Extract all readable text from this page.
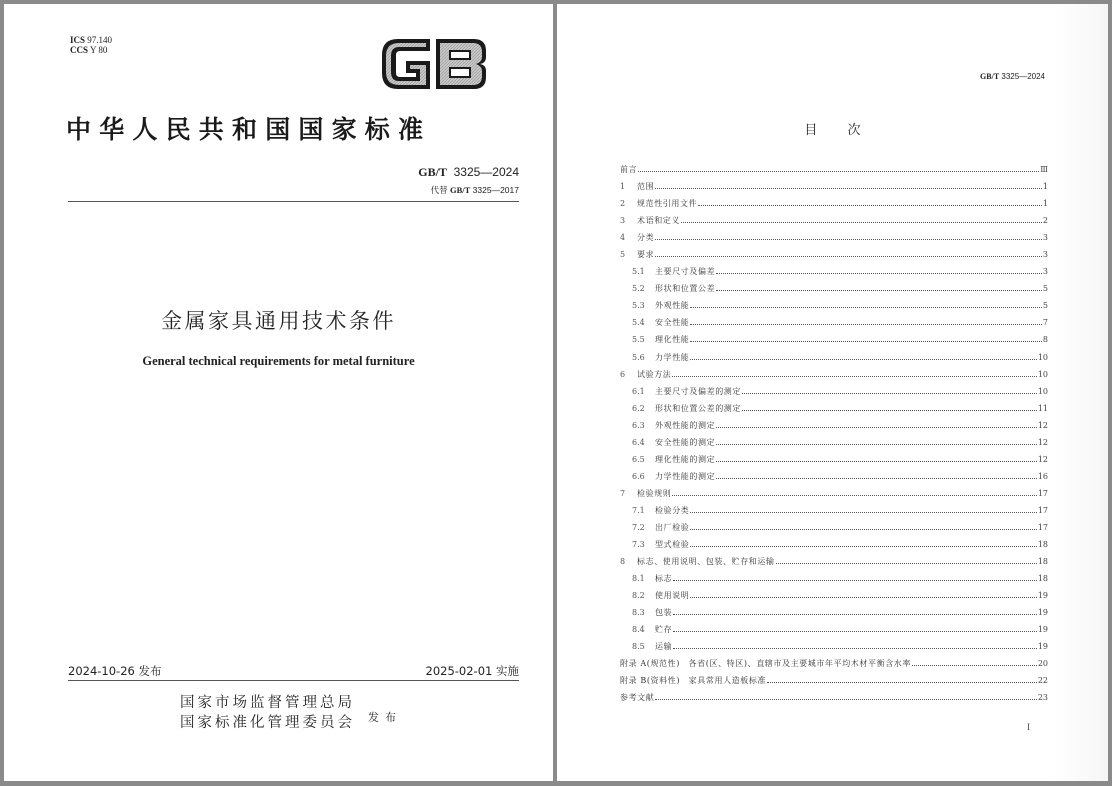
ICS 97.140
CCS Y 80
中华人民共和国国家标准
GB/T 3325—2024
代替 GB/T 3325—2017
金属家具通用技术条件
General technical requirements for metal furniture
2024-10-26 发布	2025-02-01 实施
国家市场监督管理总局
国家标准化管理委员会 发布
GB/T 3325—2024
目 次
前言	Ⅲ
1	范围	1
2	规范性引用文件	1
3	术语和定义	2
4	分类	3
5	要求	3
5.1	主要尺寸及偏差	3
5.2	形状和位置公差	5
5.3	外观性能	5
5.4	安全性能	7
5.5	理化性能	8
5.6	力学性能	10
6	试验方法	10
6.1	主要尺寸及偏差的测定	10
6.2	形状和位置公差的测定	11
6.3	外观性能的测定	12
6.4	安全性能的测定	12
6.5	理化性能的测定	12
6.6	力学性能的测定	16
7	检验规则	17
7.1	检验分类	17
7.2	出厂检验	17
7.3	型式检验	18
8	标志、使用说明、包装、贮存和运输	18
8.1	标志	18
8.2	使用说明	19
8.3	包装	19
8.4	贮存	19
8.5	运输	19
附录 A(规范性)　各省(区、特区)、直辖市及主要城市年平均木材平衡含水率	20
附录 B(资料性)　家具常用人造板标准	22
参考文献	23
I
